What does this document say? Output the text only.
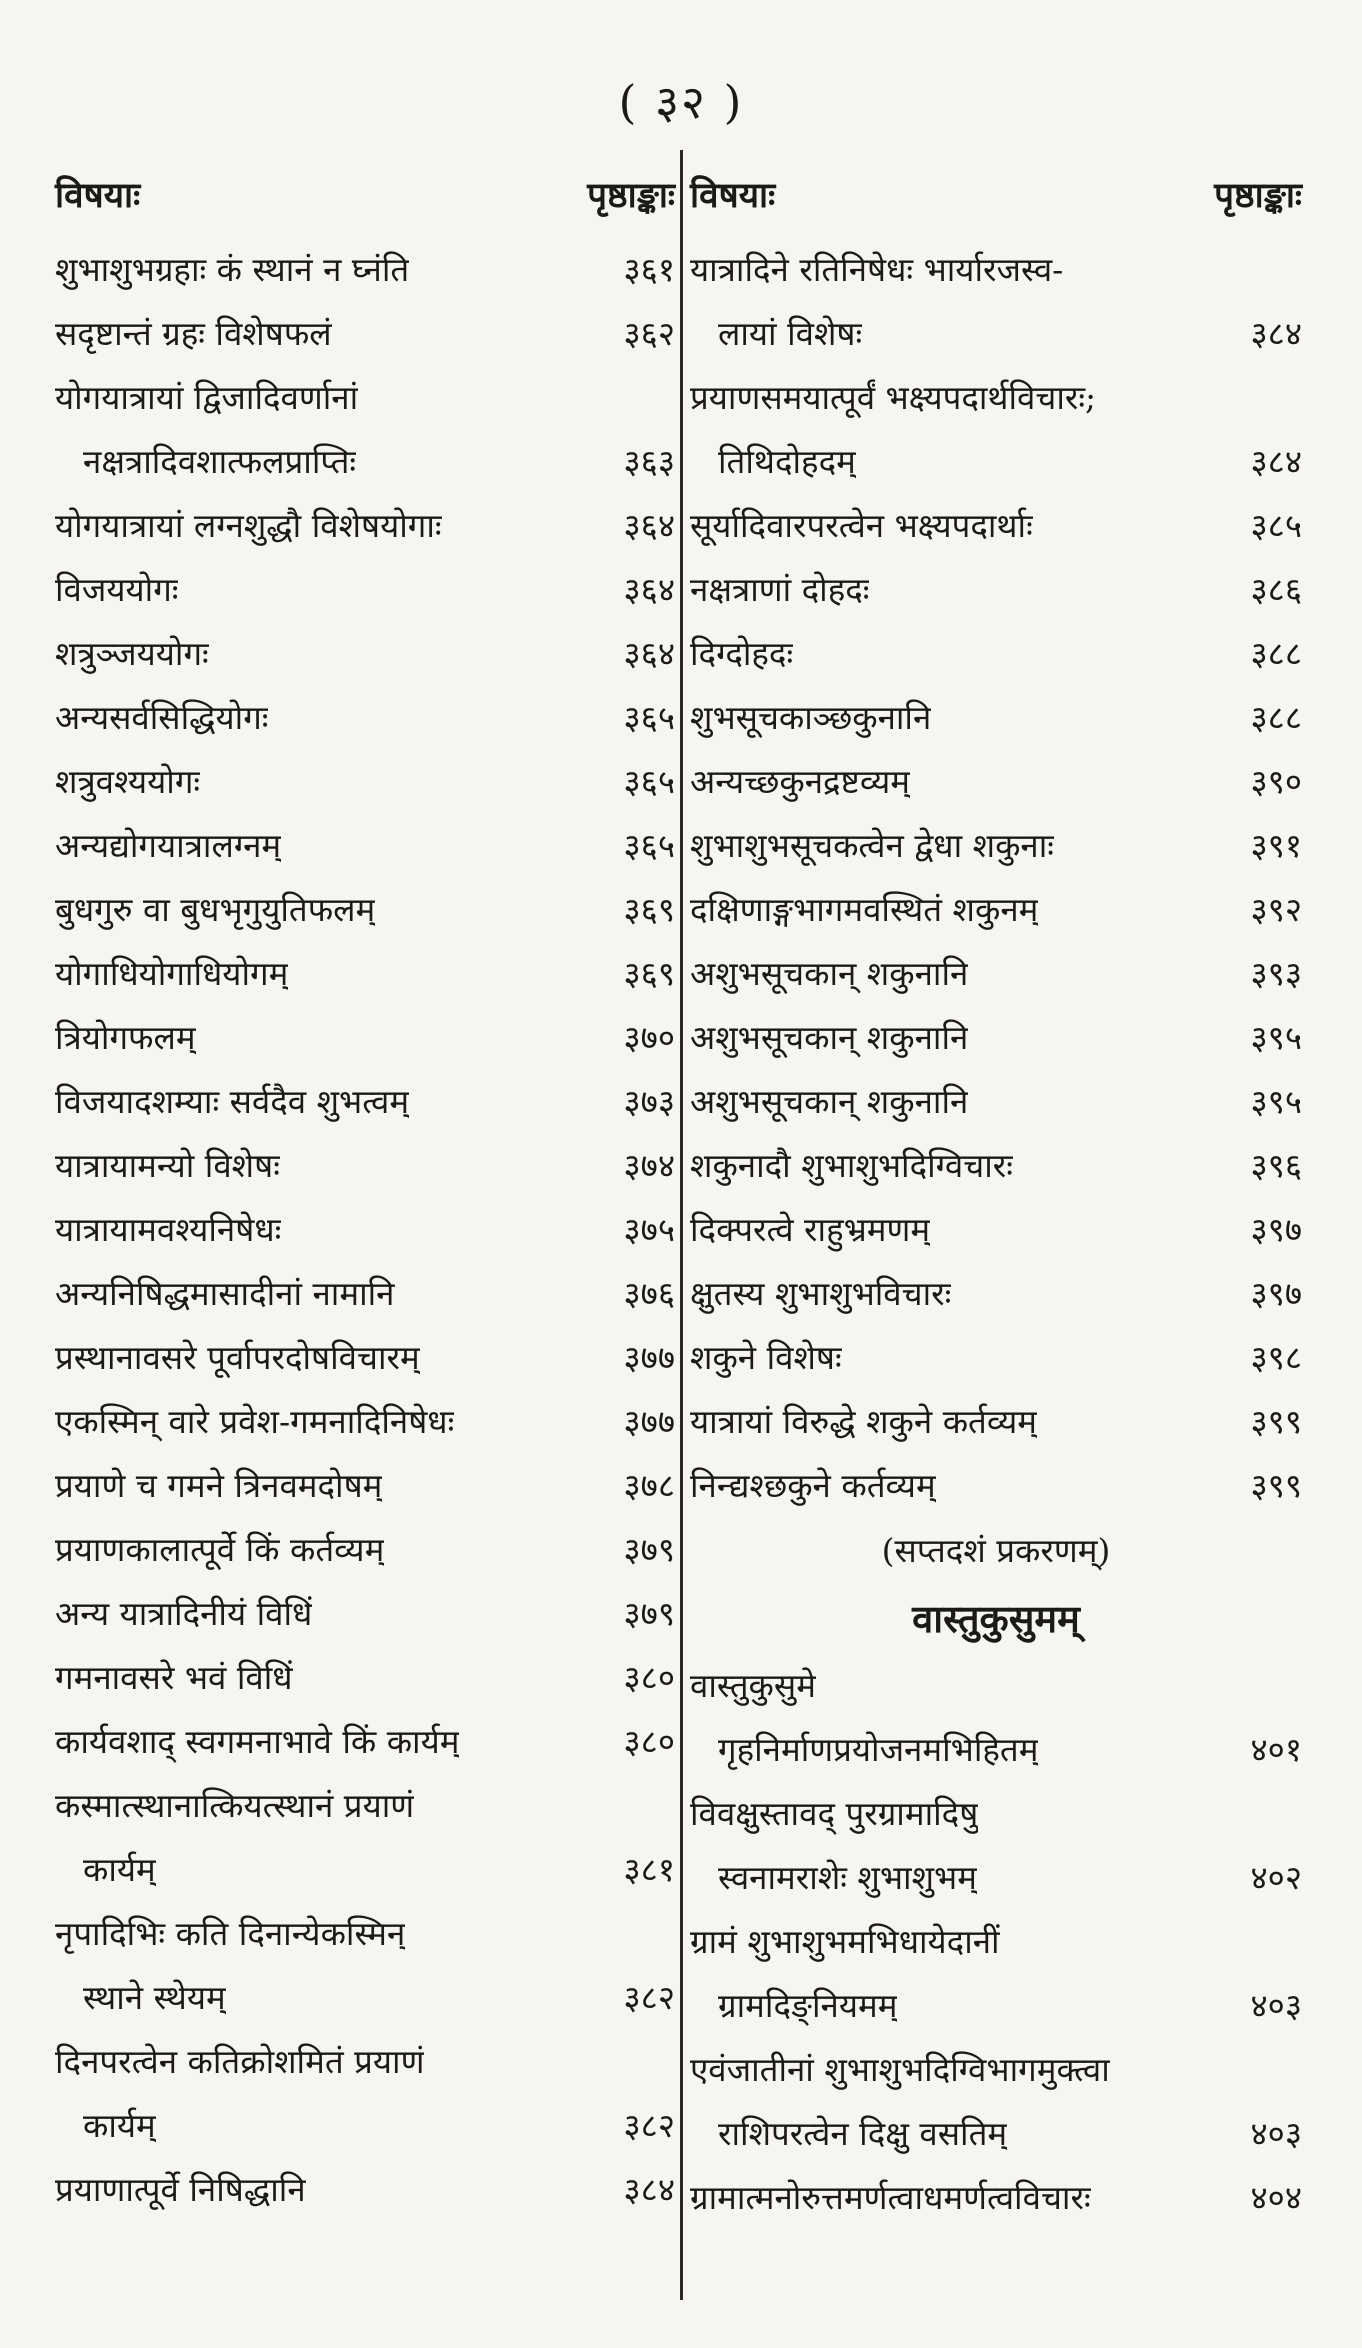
( ३२ )
विषयाः	पृष्ठाङ्काः
शुभाशुभग्रहाः कं स्थानं न घ्नंति	३६१
सदृष्टान्तं ग्रहः विशेषफलं	३६२
योगयात्रायां द्विजादिवर्णानां
नक्षत्रादिवशात्फलप्राप्तिः	३६३
योगयात्रायां लग्नशुद्धौ विशेषयोगाः	३६४
विजययोगः	३६४
शत्रुञ्जययोगः	३६४
अन्यसर्वसिद्धियोगः	३६५
शत्रुवश्ययोगः	३६५
अन्यद्योगयात्रालग्नम्	३६५
बुधगुरु वा बुधभृगुयुतिफलम्	३६९
योगाधियोगाधियोगम्	३६९
त्रियोगफलम्	३७०
विजयादशम्याः सर्वदैव शुभत्वम्	३७३
यात्रायामन्यो विशेषः	३७४
यात्रायामवश्यनिषेधः	३७५
अन्यनिषिद्धमासादीनां नामानि	३७६
प्रस्थानावसरे पूर्वापरदोषविचारम्	३७७
एकस्मिन् वारे प्रवेश-गमनादिनिषेधः	३७७
प्रयाणे च गमने त्रिनवमदोषम्	३७८
प्रयाणकालात्पूर्वे किं कर्तव्यम्	३७९
अन्य यात्रादिनीयं विधिं	३७९
गमनावसरे भवं विधिं	३८०
कार्यवशाद् स्वगमनाभावे किं कार्यम्	३८०
कस्मात्स्थानात्कियत्स्थानं प्रयाणं
कार्यम्	३८१
नृपादिभिः कति दिनान्येकस्मिन्
स्थाने स्थेयम्	३८२
दिनपरत्वेन कतिक्रोशमितं प्रयाणं
कार्यम्	३८२
प्रयाणात्पूर्वे निषिद्धानि	३८४
विषयाः	पृष्ठाङ्काः
यात्रादिने रतिनिषेधः भार्यारजस्व-
लायां विशेषः	३८४
प्रयाणसमयात्पूर्वं भक्ष्यपदार्थविचारः;
तिथिदोहदम्	३८४
सूर्यादिवारपरत्वेन भक्ष्यपदार्थाः	३८५
नक्षत्राणां दोहदः	३८६
दिग्दोहदः	३८८
शुभसूचकाञ्छकुनानि	३८८
अन्यच्छकुनद्रष्टव्यम्	३९०
शुभाशुभसूचकत्वेन द्वेधा शकुनाः	३९१
दक्षिणाङ्गभागमवस्थितं शकुनम्	३९२
अशुभसूचकान् शकुनानि	३९३
अशुभसूचकान् शकुनानि	३९५
अशुभसूचकान् शकुनानि	३९५
शकुनादौ शुभाशुभदिग्विचारः	३९६
दिक्परत्वे राहुभ्रमणम्	३९७
क्षुतस्य शुभाशुभविचारः	३९७
शकुने विशेषः	३९८
यात्रायां विरुद्धे शकुने कर्तव्यम्	३९९
निन्द्यश्छकुने कर्तव्यम्	३९९
(सप्तदशं प्रकरणम्)
वास्तुकुसुमम्
वास्तुकुसुमे
गृहनिर्माणप्रयोजनमभिहितम्	४०१
विवक्षुस्तावद् पुरग्रामादिषु
स्वनामराशेः शुभाशुभम्	४०२
ग्रामं शुभाशुभमभिधायेदानीं
ग्रामदिङ्नियमम्	४०३
एवंजातीनां शुभाशुभदिग्विभागमुक्त्वा
राशिपरत्वेन दिक्षु वसतिम्	४०३
ग्रामात्मनोरुत्तमर्णत्वाधमर्णत्वविचारः	४०४
